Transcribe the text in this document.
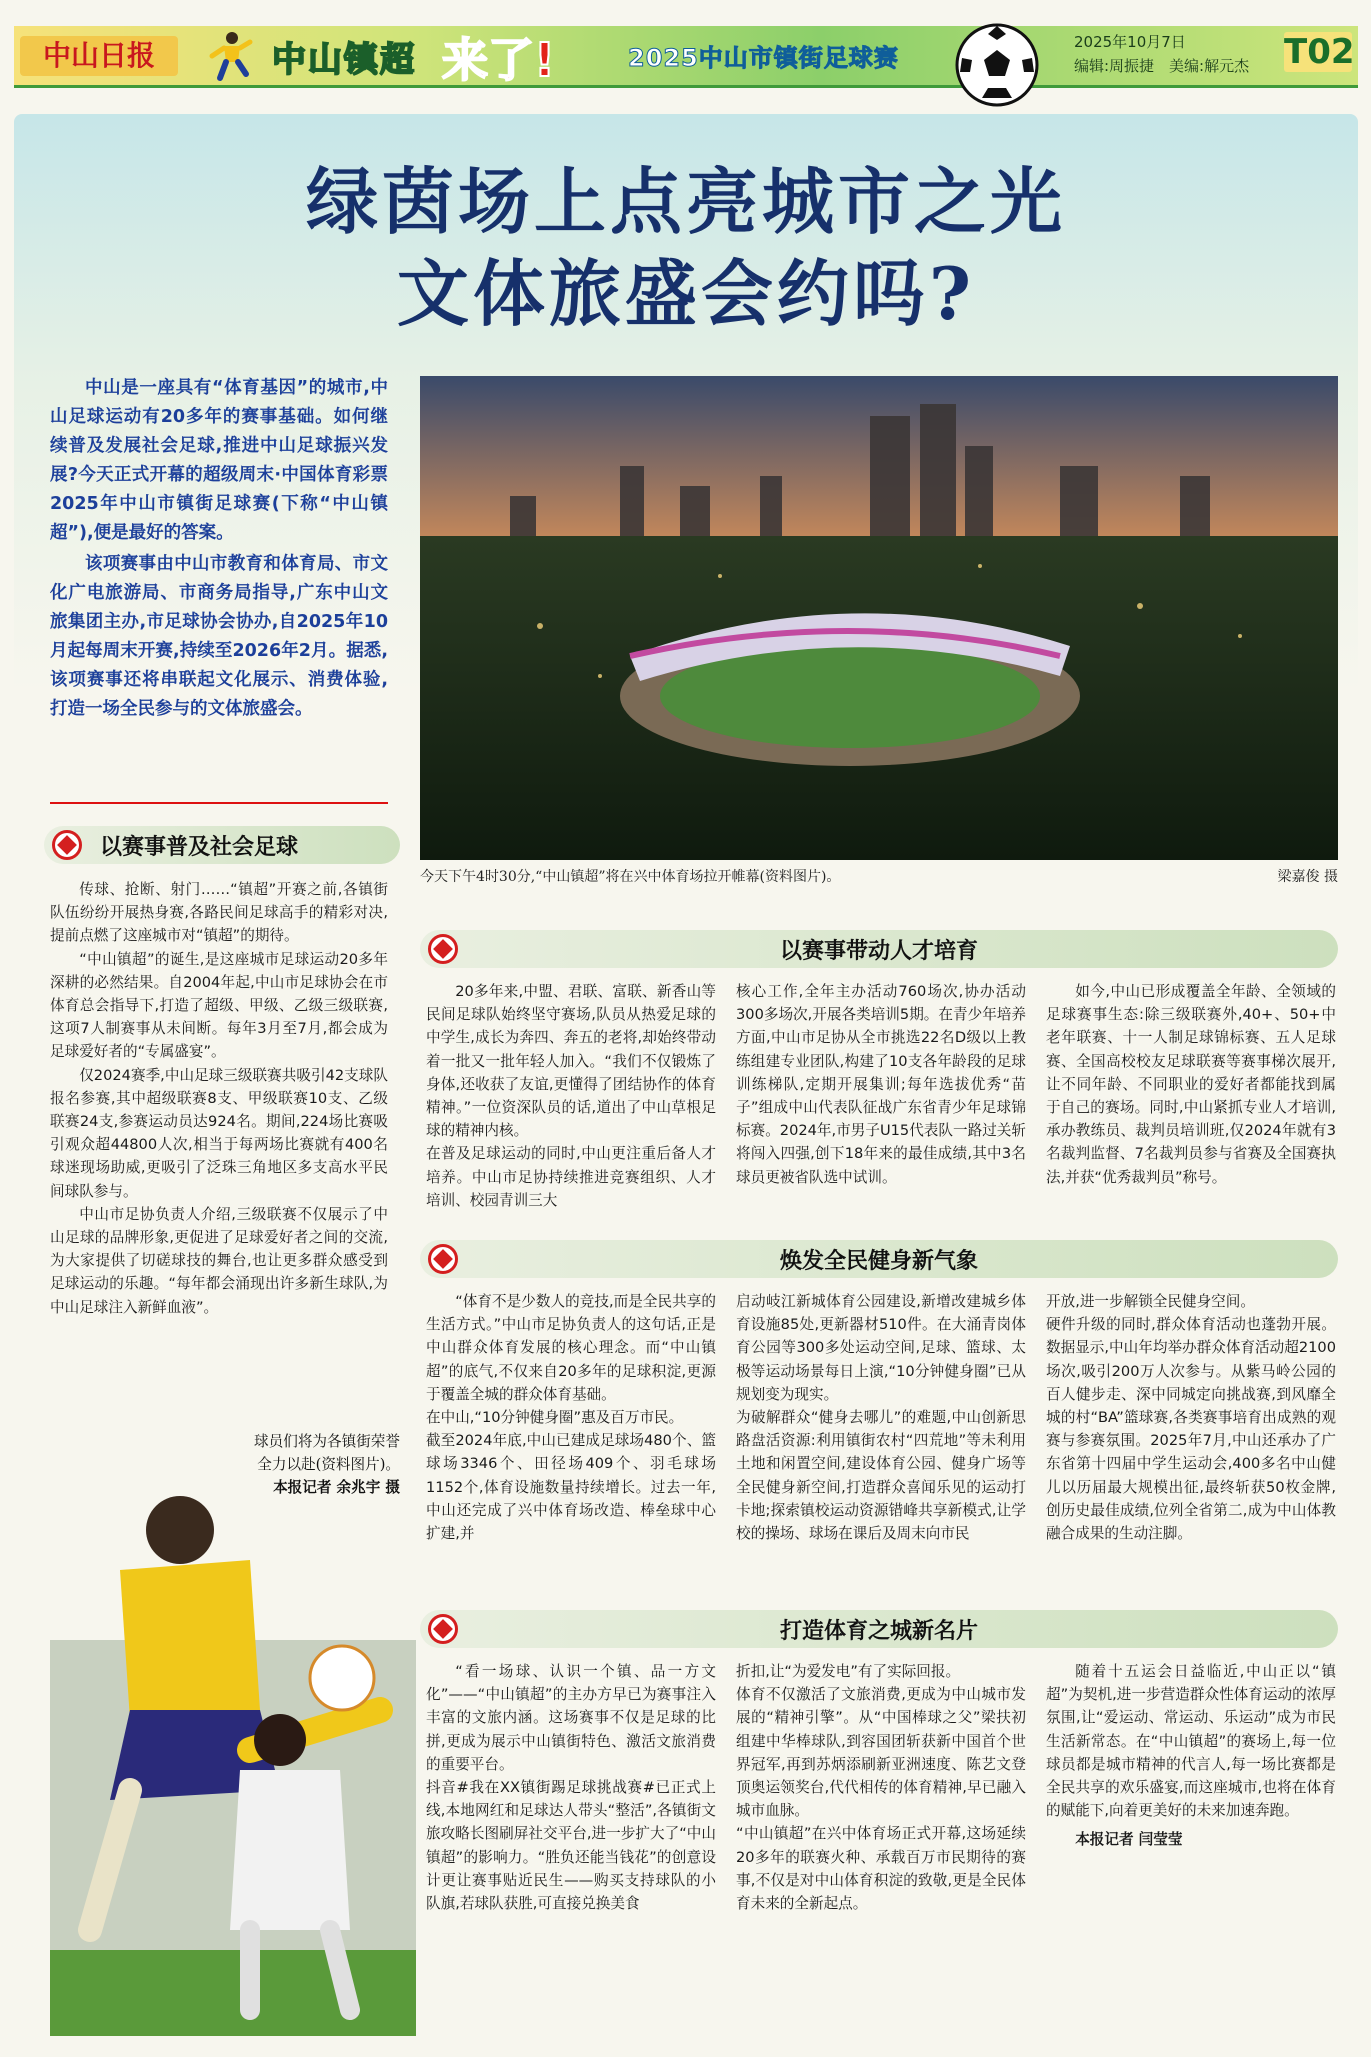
中山日报	中山镇超 来了!	2025中山市镇街足球赛
2025年10月7日
编辑:周振捷　美编:解元杰 T02
绿茵场上点亮城市之光
文体旅盛会约吗?

中山是一座具有“体育基因”的城市,中山足球运动有20多年的赛事基础。如何继续普及发展社会足球,推进中山足球振兴发展?今天正式开幕的超级周末·中国体育彩票2025年中山市镇街足球赛(下称“中山镇超”),便是最好的答案。

该项赛事由中山市教育和体育局、市文化广电旅游局、市商务局指导,广东中山文旅集团主办,市足球协会协办,自2025年10月起每周末开赛,持续至2026年2月。据悉,该项赛事还将串联起文化展示、消费体验,打造一场全民参与的文体旅盛会。

今天下午4时30分,“中山镇超”将在兴中体育场拉开帷幕(资料图片)。	梁嘉俊 摄
以赛事普及社会足球

传球、抢断、射门……“镇超”开赛之前,各镇街队伍纷纷开展热身赛,各路民间足球高手的精彩对决,提前点燃了这座城市对“镇超”的期待。

“中山镇超”的诞生,是这座城市足球运动20多年深耕的必然结果。自2004年起,中山市足球协会在市体育总会指导下,打造了超级、甲级、乙级三级联赛,这项7人制赛事从未间断。每年3月至7月,都会成为足球爱好者的“专属盛宴”。

仅2024赛季,中山足球三级联赛共吸引42支球队报名参赛,其中超级联赛8支、甲级联赛10支、乙级联赛24支,参赛运动员达924名。期间,224场比赛吸引观众超44800人次,相当于每两场比赛就有400名球迷现场助威,更吸引了泛珠三角地区多支高水平民间球队参与。

中山市足协负责人介绍,三级联赛不仅展示了中山足球的品牌形象,更促进了足球爱好者之间的交流,为大家提供了切磋球技的舞台,也让更多群众感受到足球运动的乐趣。“每年都会涌现出许多新生球队,为中山足球注入新鲜血液”。

球员们将为各镇街荣誉全力以赴(资料图片)。
本报记者 余兆宇 摄
以赛事带动人才培育

20多年来,中盟、君联、富联、新香山等民间足球队始终坚守赛场,队员从热爱足球的中学生,成长为奔四、奔五的老将,却始终带动着一批又一批年轻人加入。“我们不仅锻炼了身体,还收获了友谊,更懂得了团结协作的体育精神。”一位资深队员的话,道出了中山草根足球的精神内核。
在普及足球运动的同时,中山更注重后备人才培养。中山市足协持续推进竞赛组织、人才培训、校园青训三大

核心工作,全年主办活动760场次,协办活动300多场次,开展各类培训5期。在青少年培养方面,中山市足协从全市挑选22名D级以上教练组建专业团队,构建了10支各年龄段的足球训练梯队,定期开展集训;每年选拔优秀“苗子”组成中山代表队征战广东省青少年足球锦标赛。2024年,市男子U15代表队一路过关斩将闯入四强,创下18年来的最佳成绩,其中3名球员更被省队选中试训。

如今,中山已形成覆盖全年龄、全领域的足球赛事生态:除三级联赛外,40+、50+中老年联赛、十一人制足球锦标赛、五人足球赛、全国高校校友足球联赛等赛事梯次展开,让不同年龄、不同职业的爱好者都能找到属于自己的赛场。同时,中山紧抓专业人才培训,承办教练员、裁判员培训班,仅2024年就有3名裁判监督、7名裁判员参与省赛及全国赛执法,并获“优秀裁判员”称号。

焕发全民健身新气象

“体育不是少数人的竞技,而是全民共享的生活方式。”中山市足协负责人的这句话,正是中山群众体育发展的核心理念。而“中山镇超”的底气,不仅来自20多年的足球积淀,更源于覆盖全城的群众体育基础。
在中山,“10分钟健身圈”惠及百万市民。
截至2024年底,中山已建成足球场480个、篮球场3346个、田径场409个、羽毛球场1152个,体育设施数量持续增长。过去一年,中山还完成了兴中体育场改造、棒垒球中心扩建,并

启动岐江新城体育公园建设,新增改建城乡体育设施85处,更新器材510件。在大涌青岗体育公园等300多处运动空间,足球、篮球、太极等运动场景每日上演,“10分钟健身圈”已从规划变为现实。
为破解群众“健身去哪儿”的难题,中山创新思路盘活资源:利用镇街农村“四荒地”等未利用土地和闲置空间,建设体育公园、健身广场等全民健身新空间,打造群众喜闻乐见的运动打卡地;探索镇校运动资源错峰共享新模式,让学校的操场、球场在课后及周末向市民

开放,进一步解锁全民健身空间。
硬件升级的同时,群众体育活动也蓬勃开展。数据显示,中山年均举办群众体育活动超2100场次,吸引200万人次参与。从紫马岭公园的百人健步走、深中同城定向挑战赛,到风靡全城的村“BA”篮球赛,各类赛事培育出成熟的观赛与参赛氛围。2025年7月,中山还承办了广东省第十四届中学生运动会,400多名中山健儿以历届最大规模出征,最终斩获50枚金牌,创历史最佳成绩,位列全省第二,成为中山体教融合成果的生动注脚。

打造体育之城新名片

“看一场球、认识一个镇、品一方文化”——“中山镇超”的主办方早已为赛事注入丰富的文旅内涵。这场赛事不仅是足球的比拼,更成为展示中山镇街特色、激活文旅消费的重要平台。
抖音#我在XX镇街踢足球挑战赛#已正式上线,本地网红和足球达人带头“整活”,各镇街文旅攻略长图刷屏社交平台,进一步扩大了“中山镇超”的影响力。“胜负还能当钱花”的创意设计更让赛事贴近民生——购买支持球队的小队旗,若球队获胜,可直接兑换美食

折扣,让“为爱发电”有了实际回报。
体育不仅激活了文旅消费,更成为中山城市发展的“精神引擎”。从“中国棒球之父”梁扶初组建中华棒球队,到容国团斩获新中国首个世界冠军,再到苏炳添刷新亚洲速度、陈艺文登顶奥运领奖台,代代相传的体育精神,早已融入城市血脉。
“中山镇超”在兴中体育场正式开幕,这场延续20多年的联赛火种、承载百万市民期待的赛事,不仅是对中山体育积淀的致敬,更是全民体育未来的全新起点。

随着十五运会日益临近,中山正以“镇超”为契机,进一步营造群众性体育运动的浓厚氛围,让“爱运动、常运动、乐运动”成为市民生活新常态。在“中山镇超”的赛场上,每一位球员都是城市精神的代言人,每一场比赛都是全民共享的欢乐盛宴,而这座城市,也将在体育的赋能下,向着更美好的未来加速奔跑。

本报记者 闫莹莹
